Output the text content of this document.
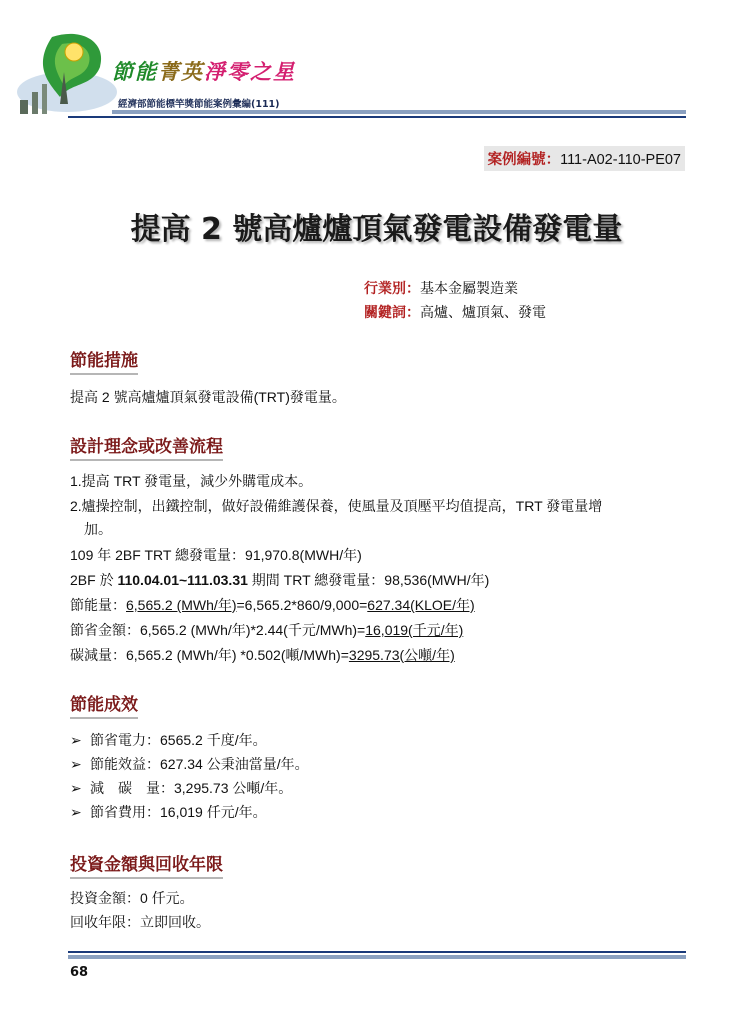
節能菁英淨零之星
經濟部節能標竿獎節能案例彙編(111)
案例編號：111-A02-110-PE07
提高 2 號高爐爐頂氣發電設備發電量
行業別：基本金屬製造業
關鍵詞：高爐、爐頂氣、發電
節能措施
提高 2 號高爐爐頂氣發電設備(TRT)發電量。
設計理念或改善流程
1.提高 TRT 發電量，減少外購電成本。
2.爐操控制，出鐵控制，做好設備維護保養，使風量及頂壓平均值提高，TRT 發電量增
加。
109 年 2BF TRT 總發電量：91,970.8(MWH/年)
2BF 於 110.04.01~111.03.31 期間 TRT 總發電量：98,536(MWH/年)
節能量：6,565.2 (MWh/年)=6,565.2*860/9,000=627.34(KLOE/年)
節省金額：6,565.2 (MWh/年)*2.44(千元/MWh)=16,019(千元/年)
碳減量：6,565.2 (MWh/年) *0.502(噸/MWh)=3295.73(公噸/年)
節能成效
➢ 節省電力：6565.2 千度/年。
➢ 節能效益：627.34 公秉油當量/年。
➢ 減　碳　量：3,295.73 公噸/年。
➢ 節省費用：16,019 仟元/年。
投資金額與回收年限
投資金額：0 仟元。
回收年限：立即回收。
68
